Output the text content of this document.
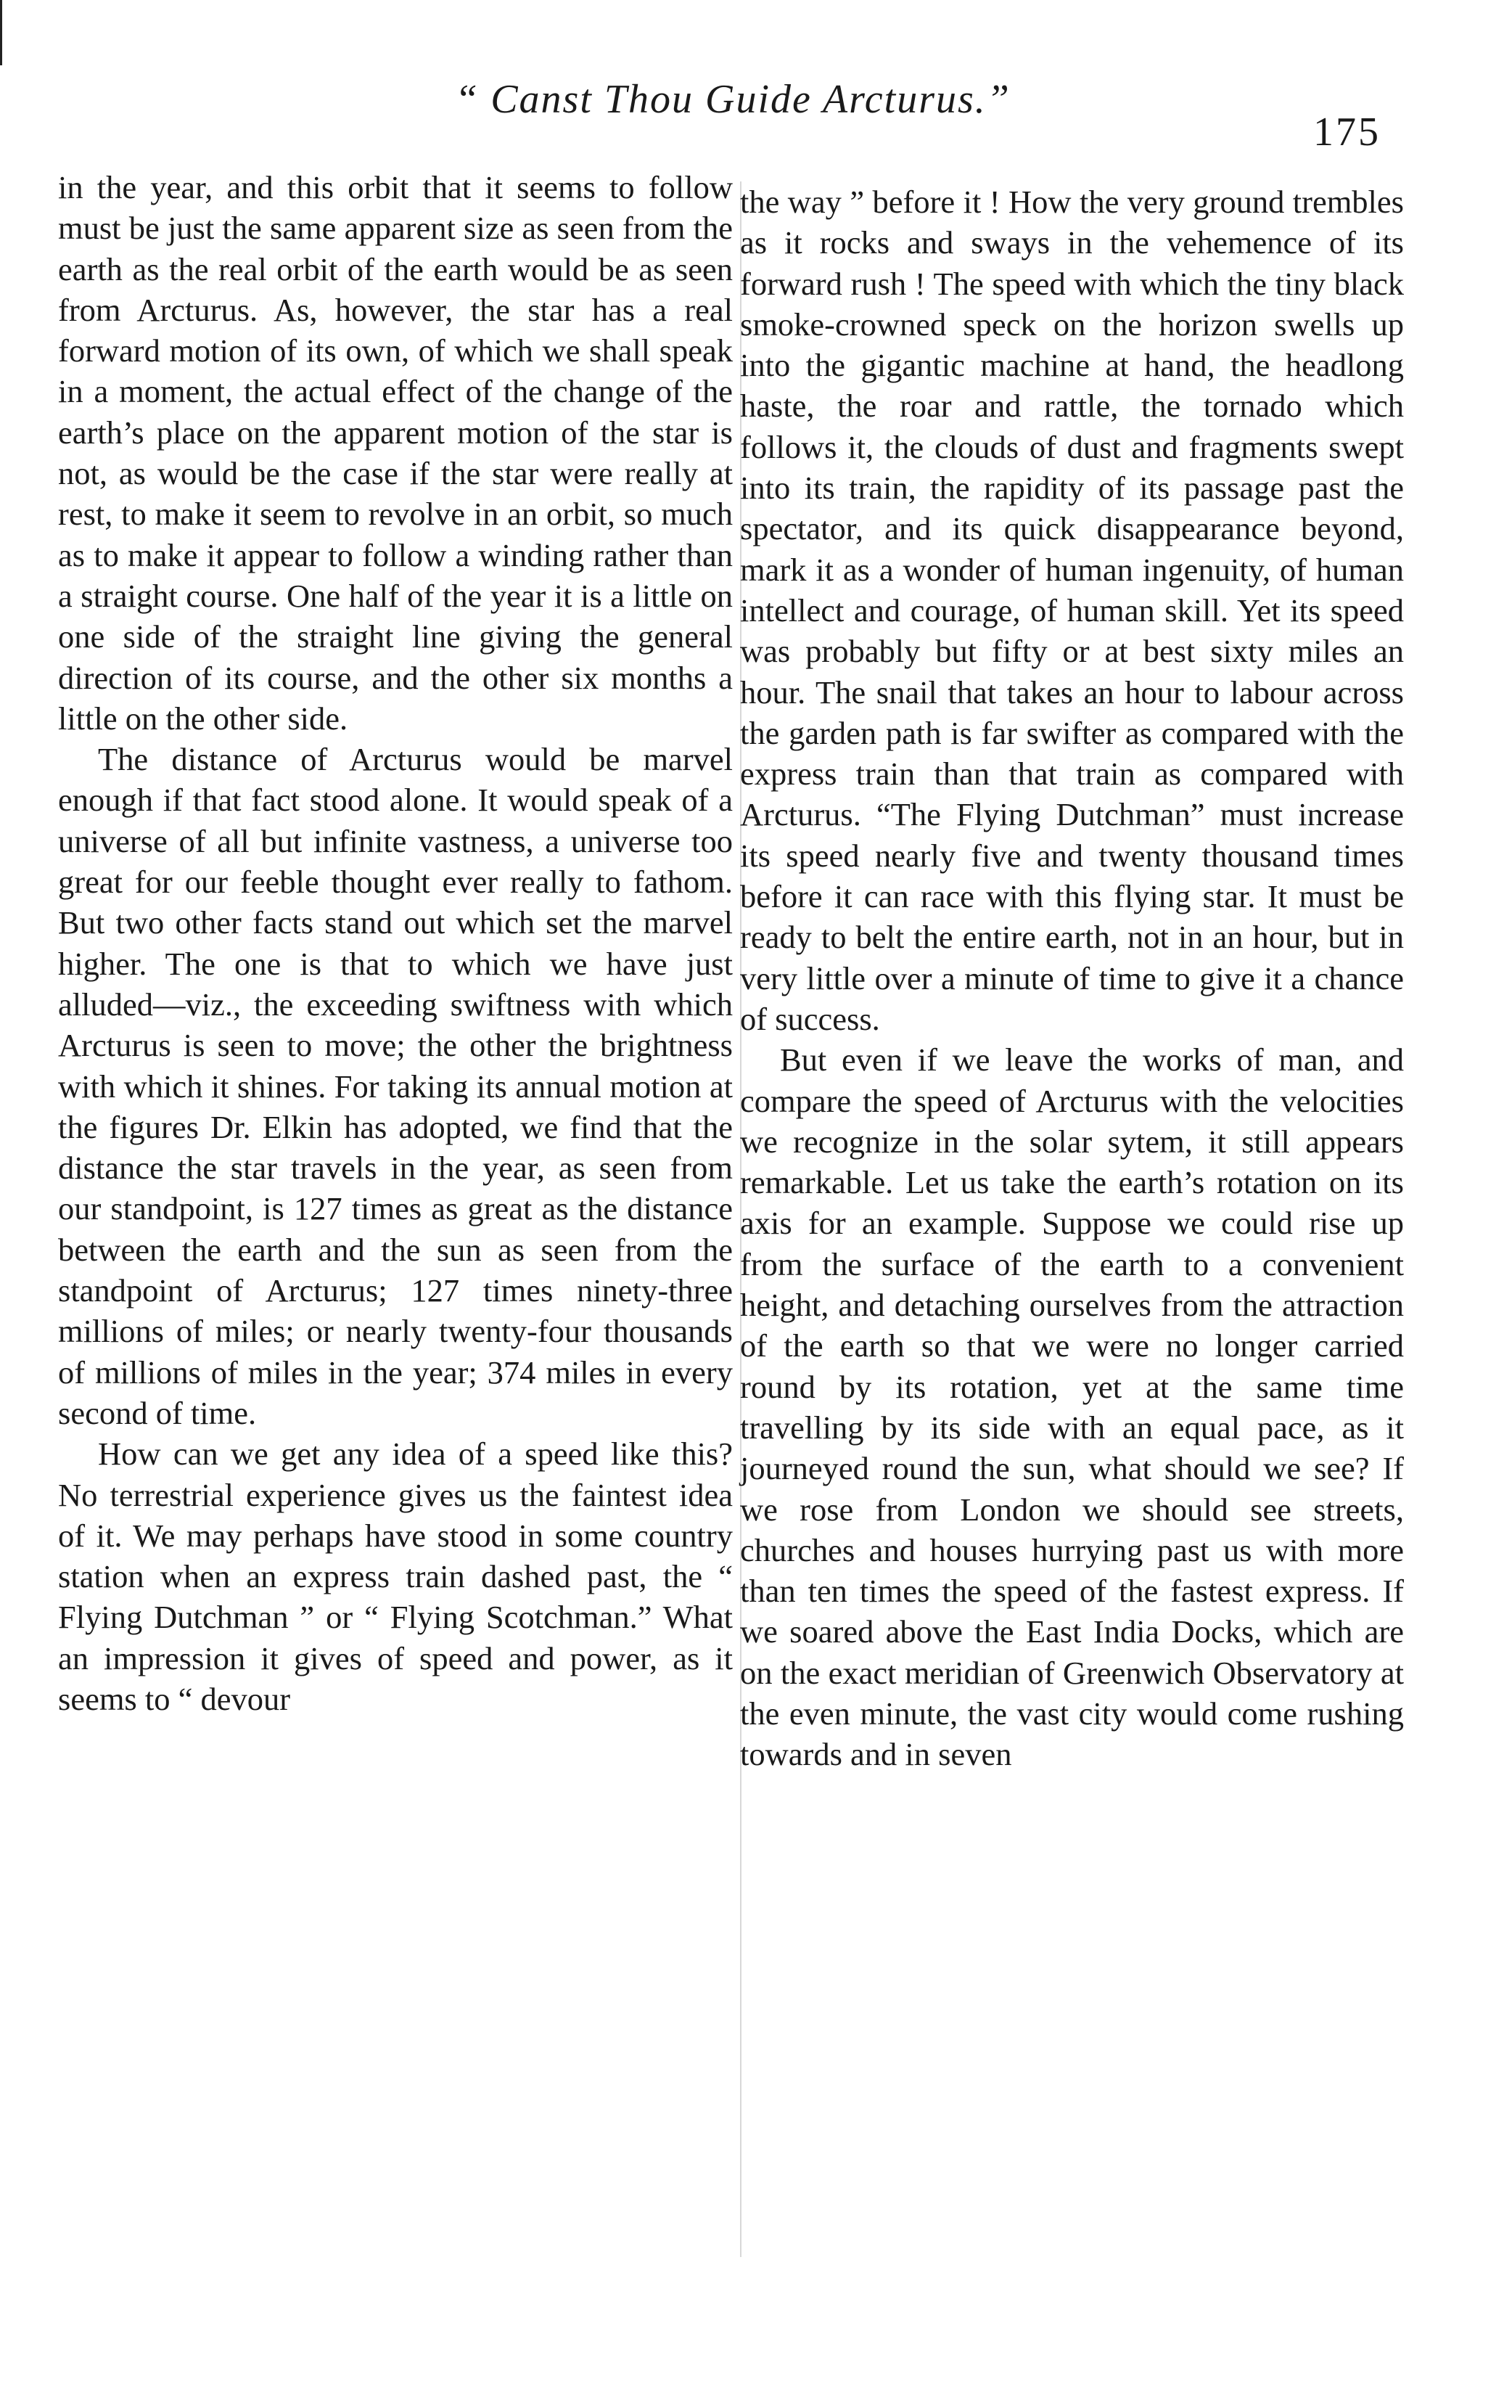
“ Canst Thou Guide Arcturus.”
175

in the year, and this orbit that it seems to follow must be just the same apparent size as seen from the earth as the real orbit of the earth would be as seen from Arcturus. As, however, the star has a real forward motion of its own, of which we shall speak in a moment, the actual effect of the change of the earth’s place on the apparent motion of the star is not, as would be the case if the star were really at rest, to make it seem to revolve in an orbit, so much as to make it appear to follow a winding rather than a straight course. One half of the year it is a little on one side of the straight line giving the general direction of its course, and the other six months a little on the other side.

The distance of Arcturus would be marvel enough if that fact stood alone. It would speak of a universe of all but infinite vastness, a universe too great for our feeble thought ever really to fathom. But two other facts stand out which set the marvel higher. The one is that to which we have just alluded—viz., the exceeding swiftness with which Arcturus is seen to move; the other the brightness with which it shines. For taking its annual motion at the figures Dr. Elkin has adopted, we find that the distance the star travels in the year, as seen from our standpoint, is 127 times as great as the distance between the earth and the sun as seen from the standpoint of Arcturus; 127 times ninety-three millions of miles; or nearly twenty-four thousands of millions of miles in the year; 374 miles in every second of time.

How can we get any idea of a speed like this? No terrestrial experience gives us the faintest idea of it. We may perhaps have stood in some country station when an express train dashed past, the “ Flying Dutchman ” or “ Flying Scotchman.” What an impression it gives of speed and power, as it seems to “ devour

the way ” before it ! How the very ground trembles as it rocks and sways in the vehemence of its forward rush ! The speed with which the tiny black smoke-crowned speck on the horizon swells up into the gigantic machine at hand, the headlong haste, the roar and rattle, the tornado which follows it, the clouds of dust and fragments swept into its train, the rapidity of its passage past the spectator, and its quick disappearance beyond, mark it as a wonder of human ingenuity, of human intellect and courage, of human skill. Yet its speed was probably but fifty or at best sixty miles an hour. The snail that takes an hour to labour across the garden path is far swifter as compared with the express train than that train as compared with Arcturus. “The Flying Dutchman” must increase its speed nearly five and twenty thousand times before it can race with this flying star. It must be ready to belt the entire earth, not in an hour, but in very little over a minute of time to give it a chance of success.

But even if we leave the works of man, and compare the speed of Arcturus with the velocities we recognize in the solar sytem, it still appears remarkable. Let us take the earth’s rotation on its axis for an example. Suppose we could rise up from the surface of the earth to a convenient height, and detaching ourselves from the attraction of the earth so that we were no longer carried round by its rotation, yet at the same time travelling by its side with an equal pace, as it journeyed round the sun, what should we see? If we rose from London we should see streets, churches and houses hurrying past us with more than ten times the speed of the fastest express. If we soared above the East India Docks, which are on the exact meridian of Greenwich Observatory at the even minute, the vast city would come rushing towards and in seven
